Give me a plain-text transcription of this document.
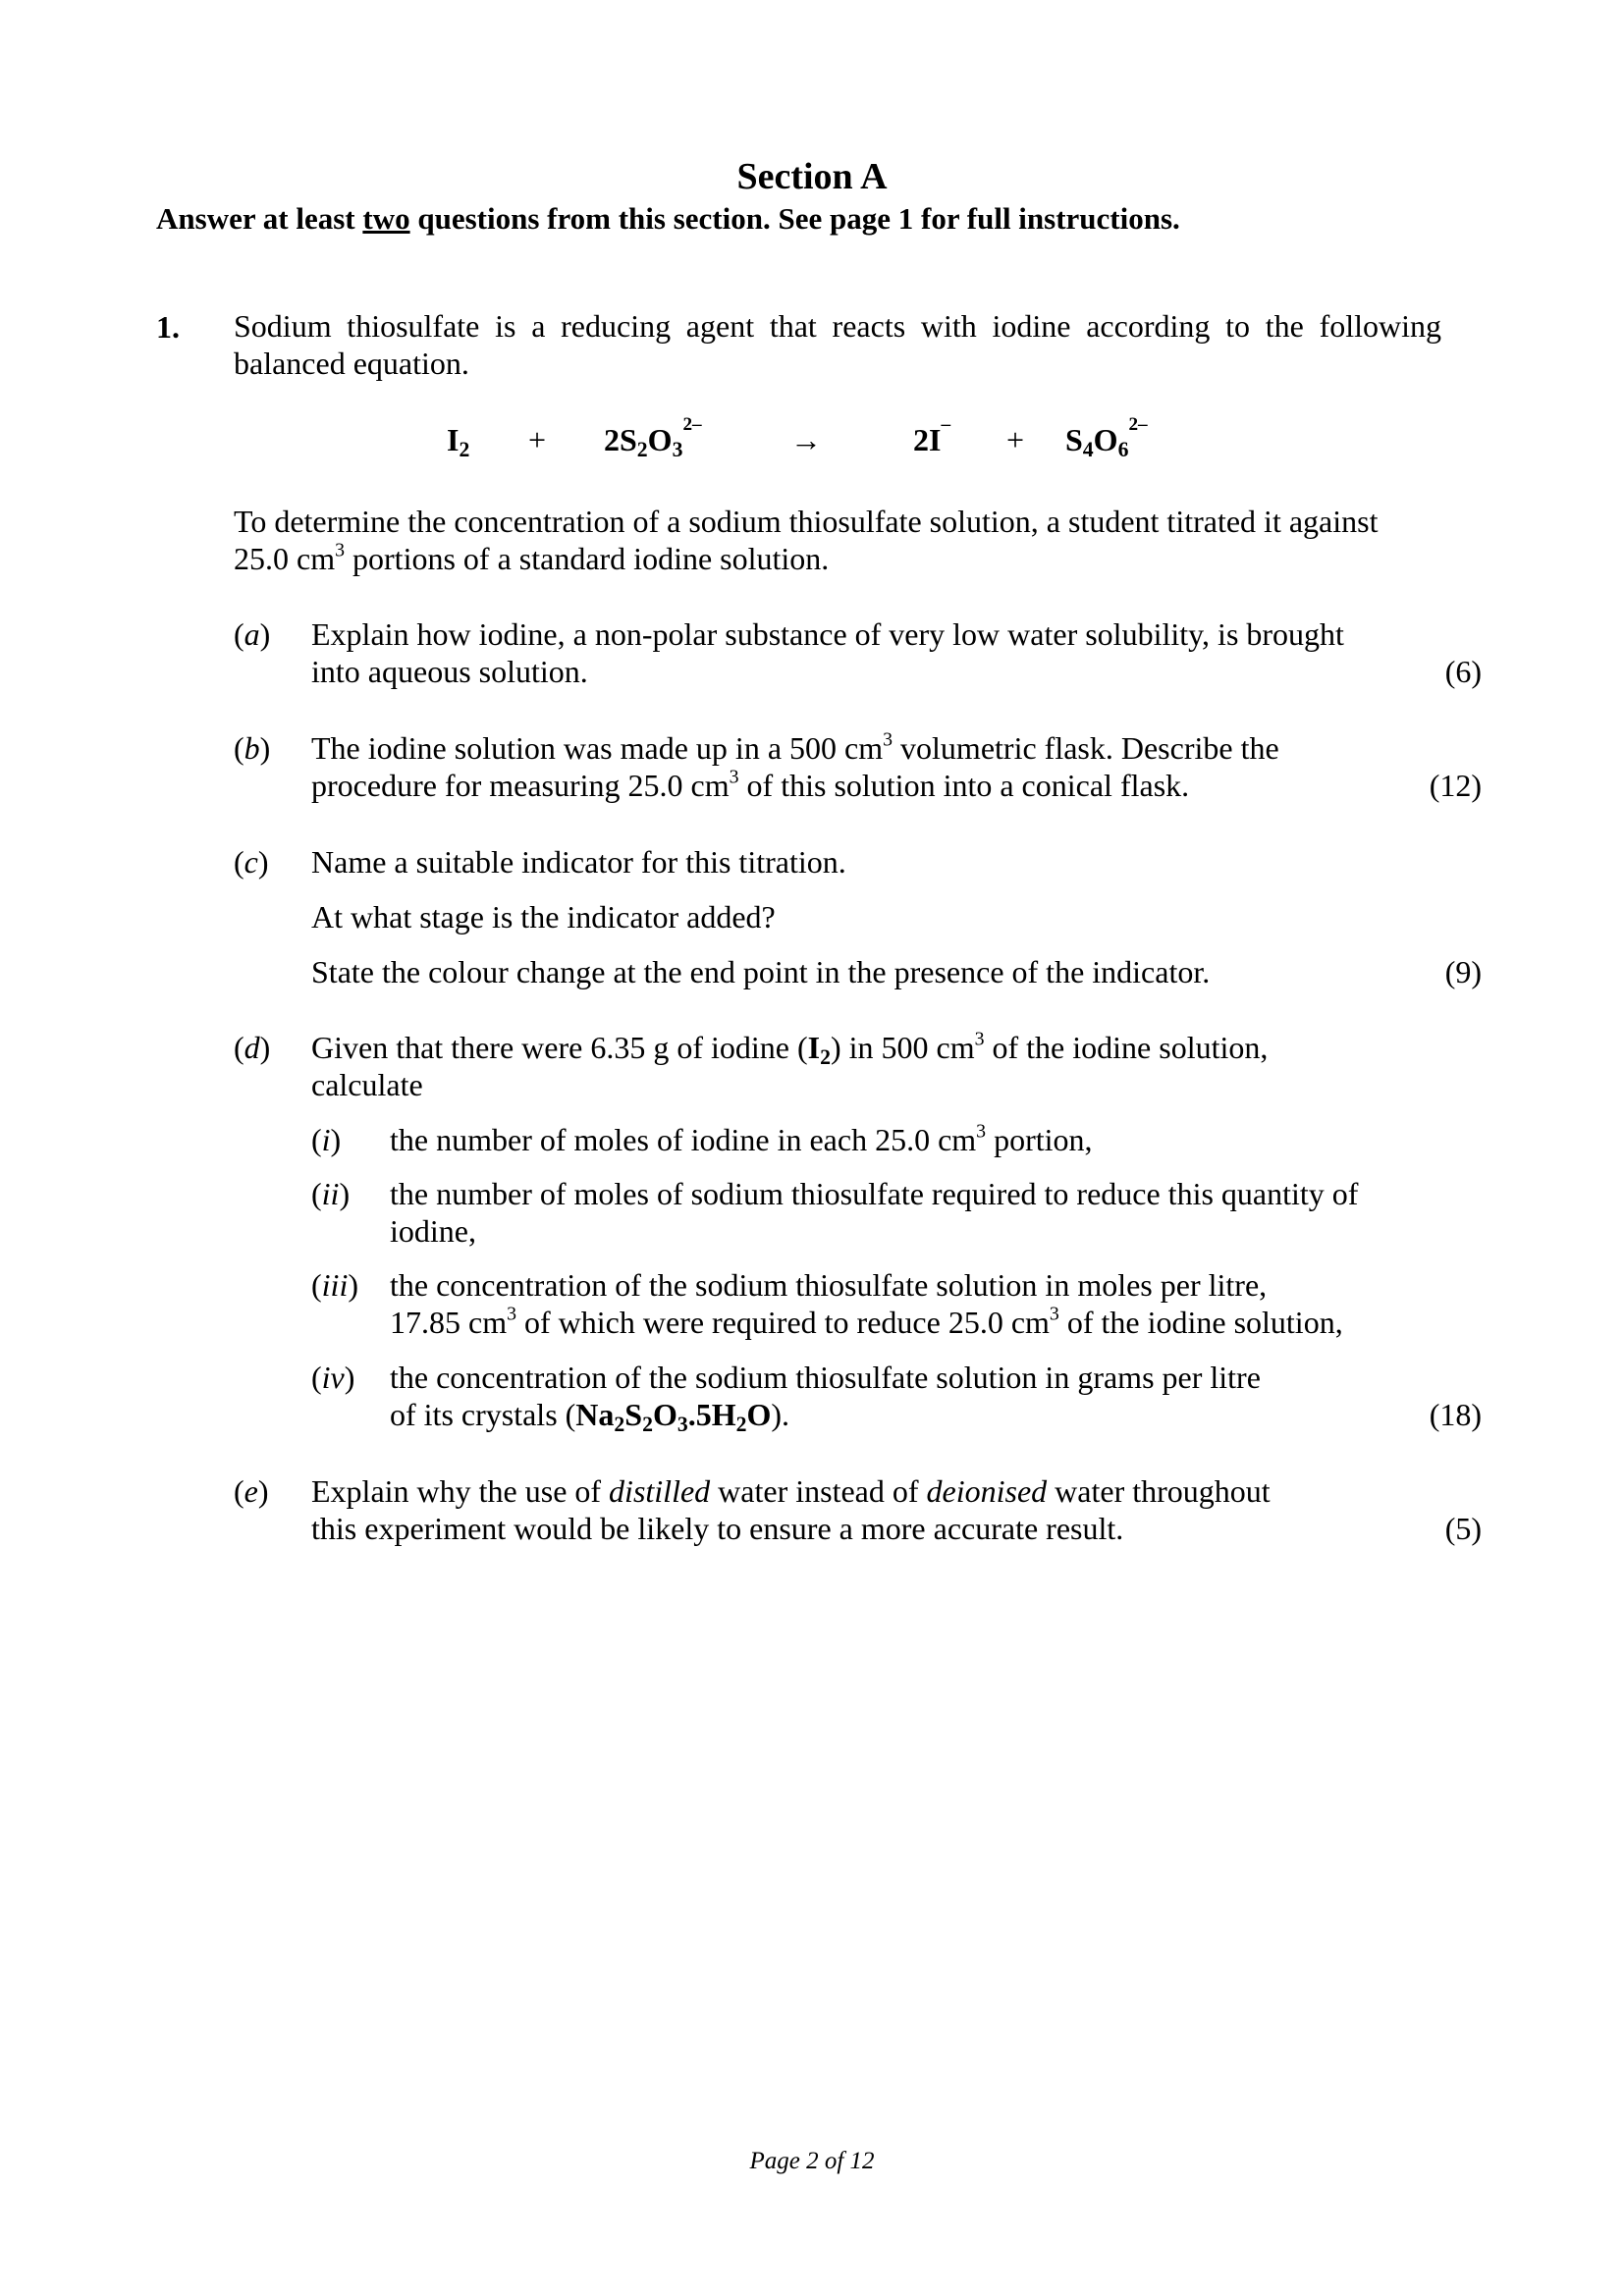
Section A
Answer at least two questions from this section. See page 1 for full instructions.
1. Sodium thiosulfate is a reducing agent that reacts with iodine according to the following balanced equation.
$I_2 + 2S_2O_3^{2-}$	→	$2I^- + S_4O_6^{2-}$
To determine the concentration of a sodium thiosulfate solution, a student titrated it against
25.0 $cm^3$ portions of a standard iodine solution.
(a) Explain how iodine, a non-polar substance of very low water solubility, is brought
into aqueous solution.	(6)
(b) The iodine solution was made up in a 500 $cm^3$ volumetric flask. Describe the
procedure for measuring 25.0 $cm^3$ of this solution into a conical flask.	(12)
(c) Name a suitable indicator for this titration.
At what stage is the indicator added?
State the colour change at the end point in the presence of the indicator.	(9)
(d) Given that there were 6.35 g of iodine $(I_2)$ in 500 $cm^3$ of the iodine solution,
calculate
(i) the number of moles of iodine in each 25.0 $cm^3$ portion,
(ii) the number of moles of sodium thiosulfate required to reduce this quantity of
iodine,
(iii) the concentration of the sodium thiosulfate solution in moles per litre,
17.85 $cm^3$ of which were required to reduce 25.0 $cm^3$ of the iodine solution,
(iv) the concentration of the sodium thiosulfate solution in grams per litre
of its crystals $(Na_2S_2O_3.5H_2O)$.	(18)
(e) Explain why the use of distilled water instead of deionised water throughout
this experiment would be likely to ensure a more accurate result.	(5)
Page 2 of 12
